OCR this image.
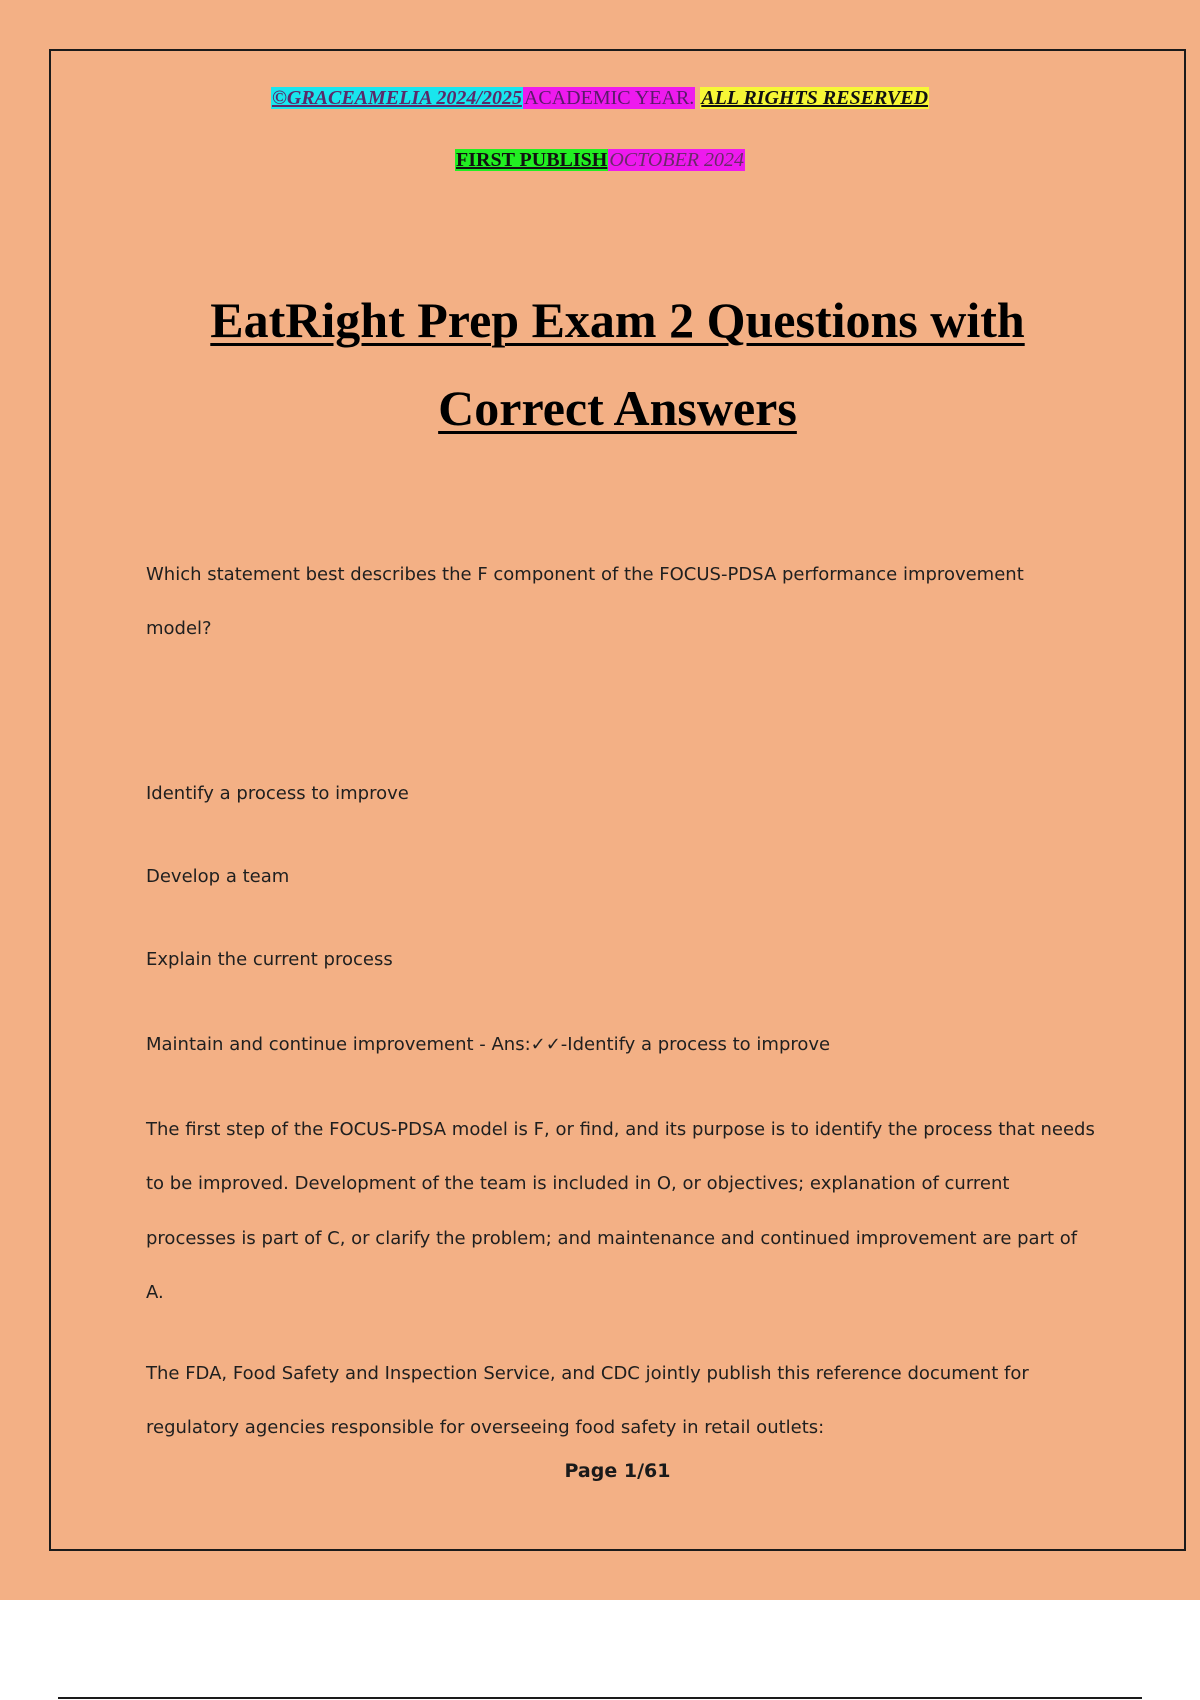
©GRACEAMELIA 2024/2025 ACADEMIC YEAR. ALL RIGHTS RESERVED
FIRST PUBLISH OCTOBER 2024
EatRight Prep Exam 2 Questions with
Correct Answers
Which statement best describes the F component of the FOCUS-PDSA performance improvement
model?
Identify a process to improve
Develop a team
Explain the current process
Maintain and continue improvement - Ans:✓✓-Identify a process to improve
The first step of the FOCUS-PDSA model is F, or find, and its purpose is to identify the process that needs
to be improved. Development of the team is included in O, or objectives; explanation of current
processes is part of C, or clarify the problem; and maintenance and continued improvement are part of
A.
The FDA, Food Safety and Inspection Service, and CDC jointly publish this reference document for
regulatory agencies responsible for overseeing food safety in retail outlets:
Page 1/61
